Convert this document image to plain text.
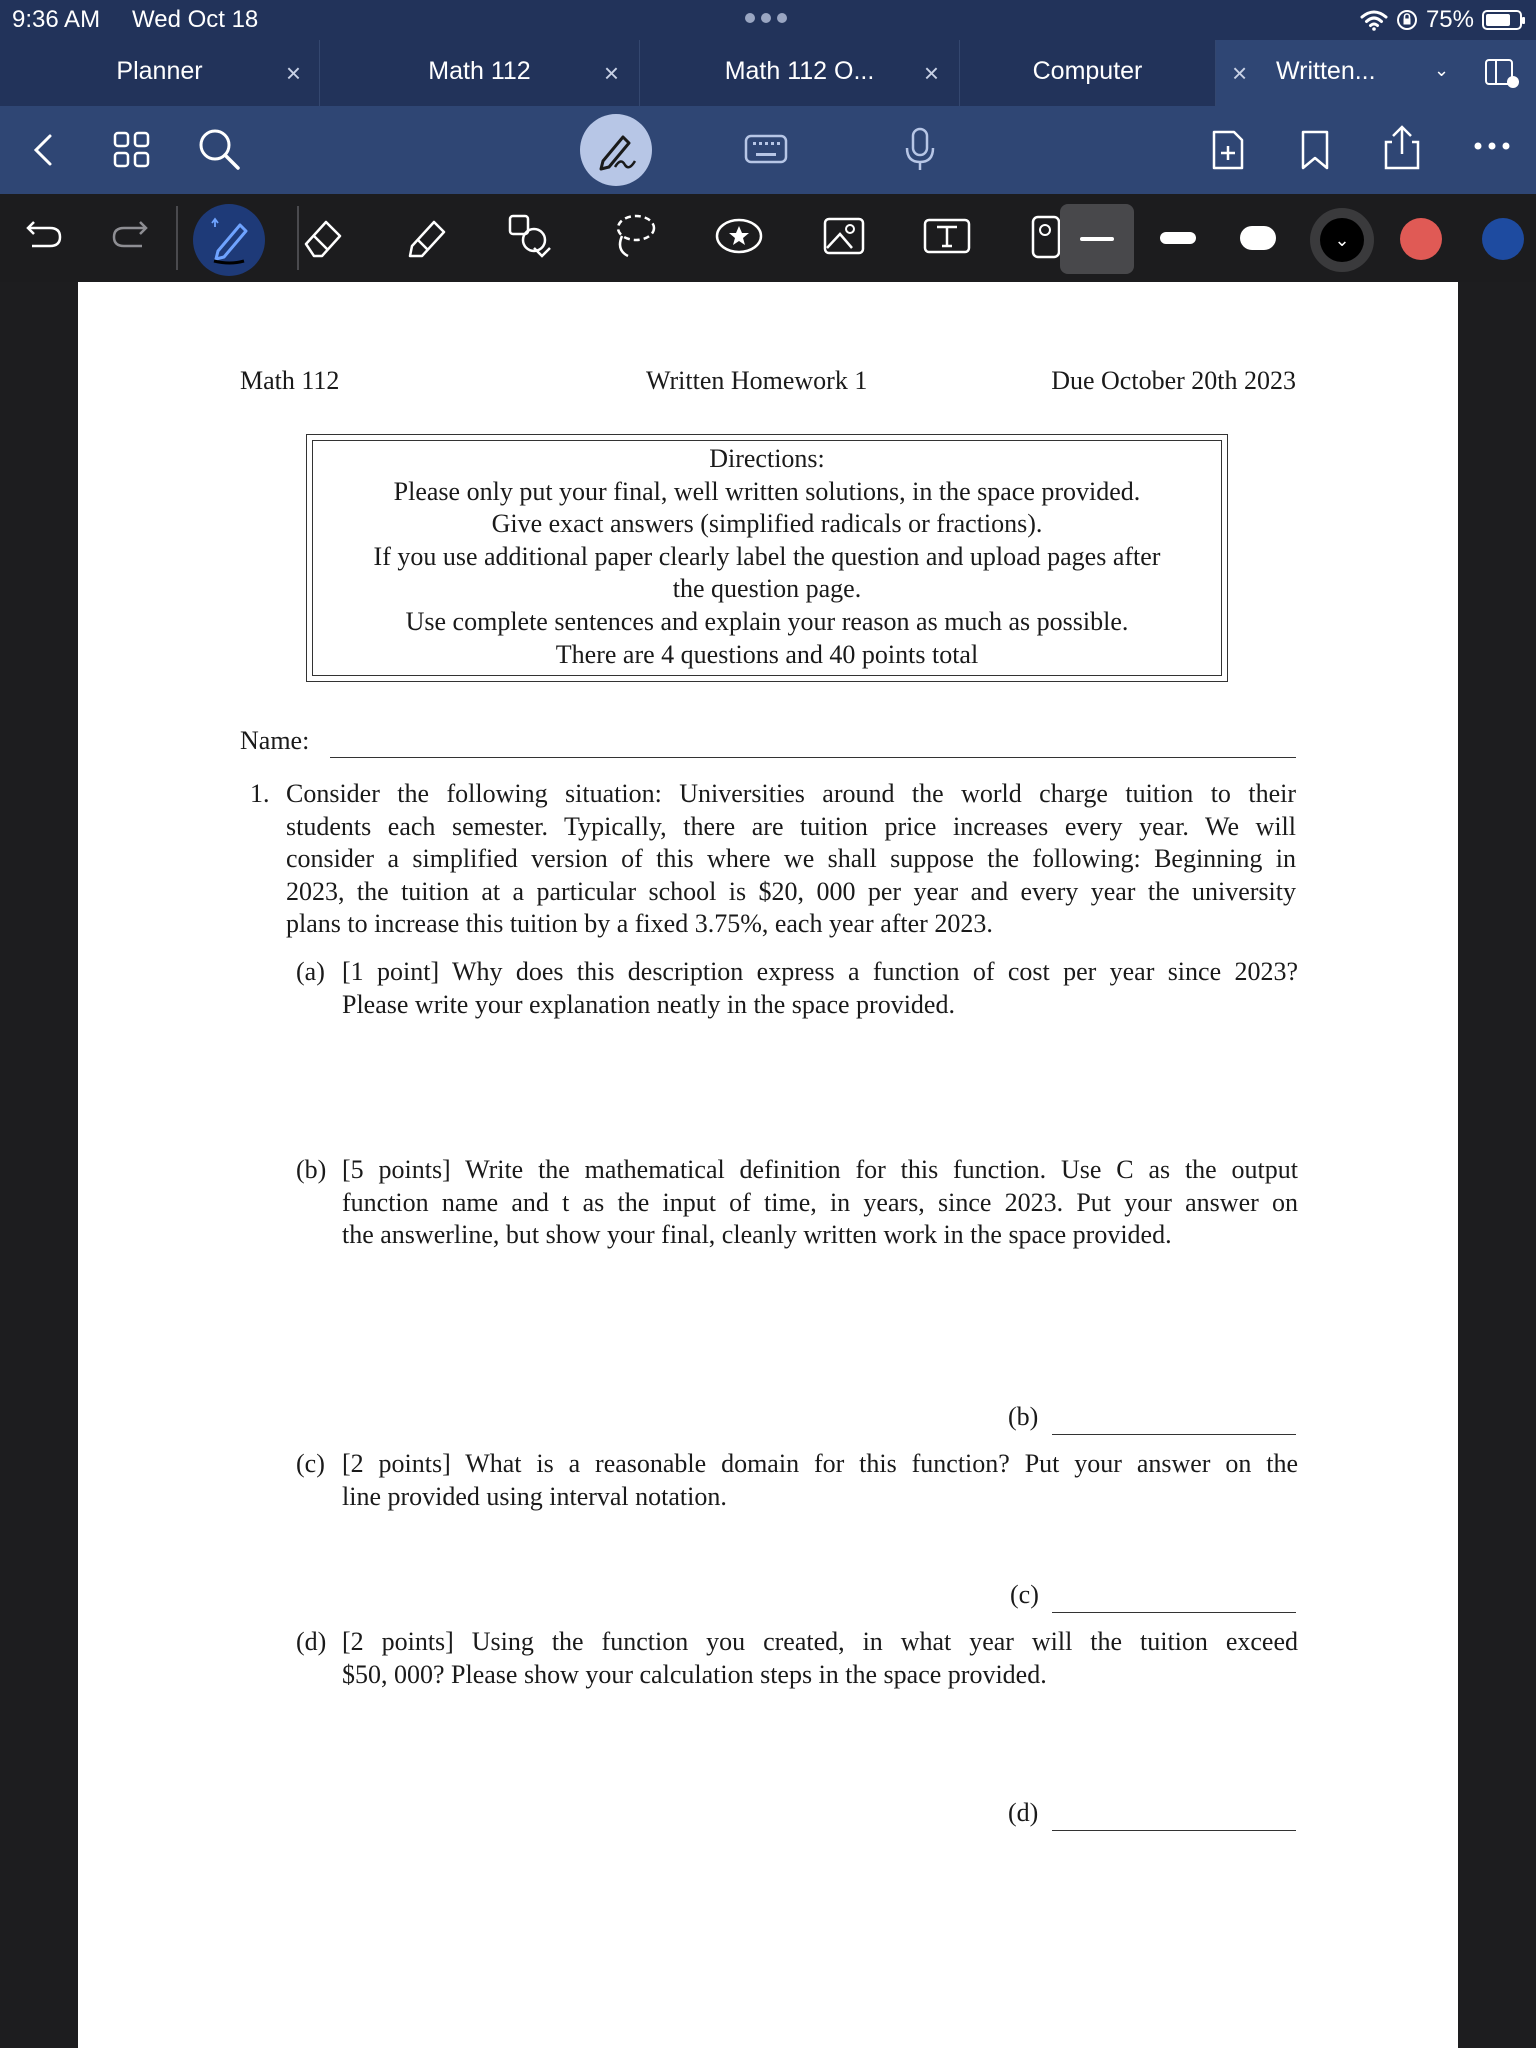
9:36 AM Wed Oct 18	75%
Planner	×	Math 112	×	Math 112 O...	×	Computer	× Written...	⌄
⌄
Math 112	Written Homework 1	Due October 20th 2023
Directions:
Please only put your final, well written solutions, in the space provided.
Give exact answers (simplified radicals or fractions).
If you use additional paper clearly label the question and upload pages after
the question page.
Use complete sentences and explain your reason as much as possible.
There are 4 questions and 40 points total
Name:
1. Consider the following situation: Universities around the world charge tuition to their
students each semester. Typically, there are tuition price increases every year. We will
consider a simplified version of this where we shall suppose the following: Beginning in
2023, the tuition at a particular school is $20, 000 per year and every year the university
plans to increase this tuition by a fixed 3.75%, each year after 2023.
(a) [1 point] Why does this description express a function of cost per year since 2023?
Please write your explanation neatly in the space provided.
(b) [5 points] Write the mathematical definition for this function. Use C as the output
function name and t as the input of time, in years, since 2023. Put your answer on
the answerline, but show your final, cleanly written work in the space provided.
(b)
(c) [2 points] What is a reasonable domain for this function? Put your answer on the
line provided using interval notation.
(c)
(d) [2 points] Using the function you created, in what year will the tuition exceed
$50, 000? Please show your calculation steps in the space provided.
(d)
